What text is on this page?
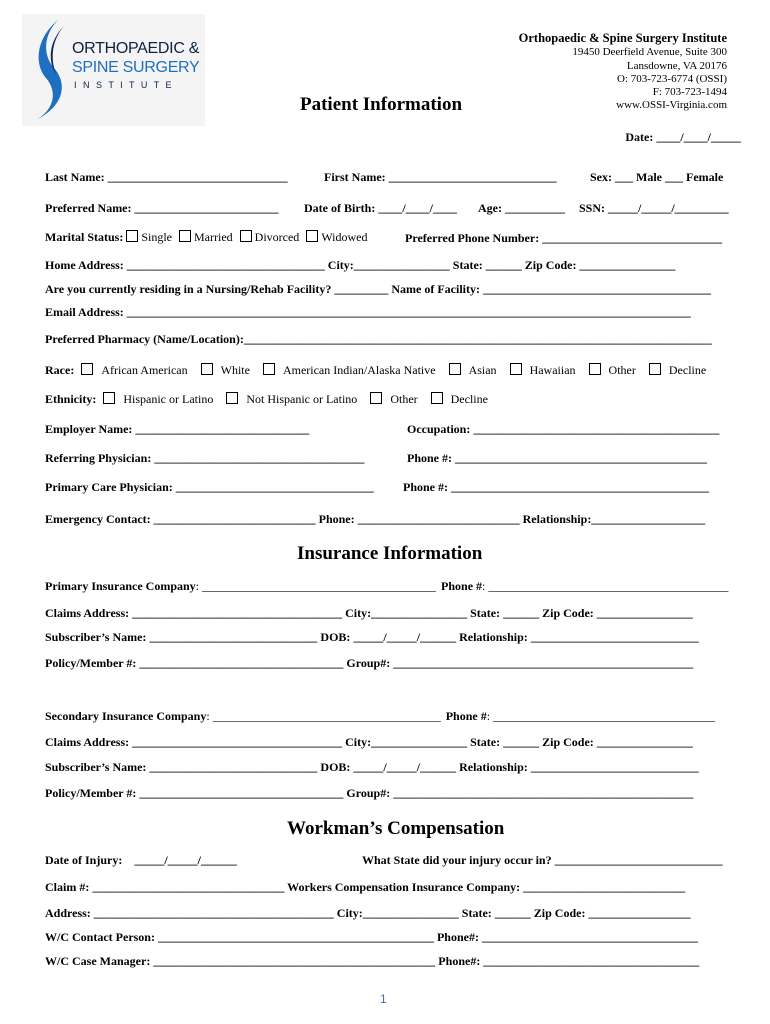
ORTHOPAEDIC &
SPINE SURGERY
I N S T I T U T E
Orthopaedic & Spine Surgery Institute
19450 Deerfield Avenue, Suite 300
Lansdowne, VA 20176
O: 703-723-6774 (OSSI)
F: 703-723-1494
www.OSSI-Virginia.com
Date: ____/____/_____
Patient Information
Last Name: ______________________________	First Name: ____________________________	Sex: ___ Male ___ Female
Preferred Name: ________________________ Date of Birth: ____/____/____ Age: __________ SSN: _____/_____/_________
Marital Status: Single Married Divorced Widowed	Preferred Phone Number: ______________________________
Home Address: _________________________________ City:________________ State: ______ Zip Code: ________________
Are you currently residing in a Nursing/Rehab Facility? _________ Name of Facility: ______________________________________
Email Address: ______________________________________________________________________________________________
Preferred Pharmacy (Name/Location):______________________________________________________________________________
Race: African American	White	American Indian/Alaska Native	Asian	Hawaiian	Other	Decline
Ethnicity: Hispanic or Latino	Not Hispanic or Latino	Other	Decline
Employer Name: _____________________________	Occupation: _________________________________________
Referring Physician: ___________________________________	Phone #: __________________________________________
Primary Care Physician: _________________________________ Phone #: ___________________________________________
Emergency Contact: ___________________________ Phone: ___________________________ Relationship:___________________
Insurance Information
Primary Insurance Company: _______________________________________ Phone #: ________________________________________
Claims Address: ___________________________________ City:________________ State: ______ Zip Code: ________________
Subscriber’s Name: ____________________________ DOB: _____/_____/______ Relationship: ____________________________
Policy/Member #: __________________________________ Group#: __________________________________________________
Secondary Insurance Company: ______________________________________ Phone #: _____________________________________
Claims Address: ___________________________________ City:________________ State: ______ Zip Code: ________________
Subscriber’s Name: ____________________________ DOB: _____/_____/______ Relationship: ____________________________
Policy/Member #: __________________________________ Group#: __________________________________________________
Workman’s Compensation
Date of Injury:    _____/_____/______	What State did your injury occur in? ____________________________
Claim #: ________________________________ Workers Compensation Insurance Company: ___________________________
Address: ________________________________________ City:________________ State: ______ Zip Code: _________________
W/C Contact Person: ______________________________________________ Phone#: ____________________________________
W/C Case Manager: _______________________________________________ Phone#: ____________________________________
1
